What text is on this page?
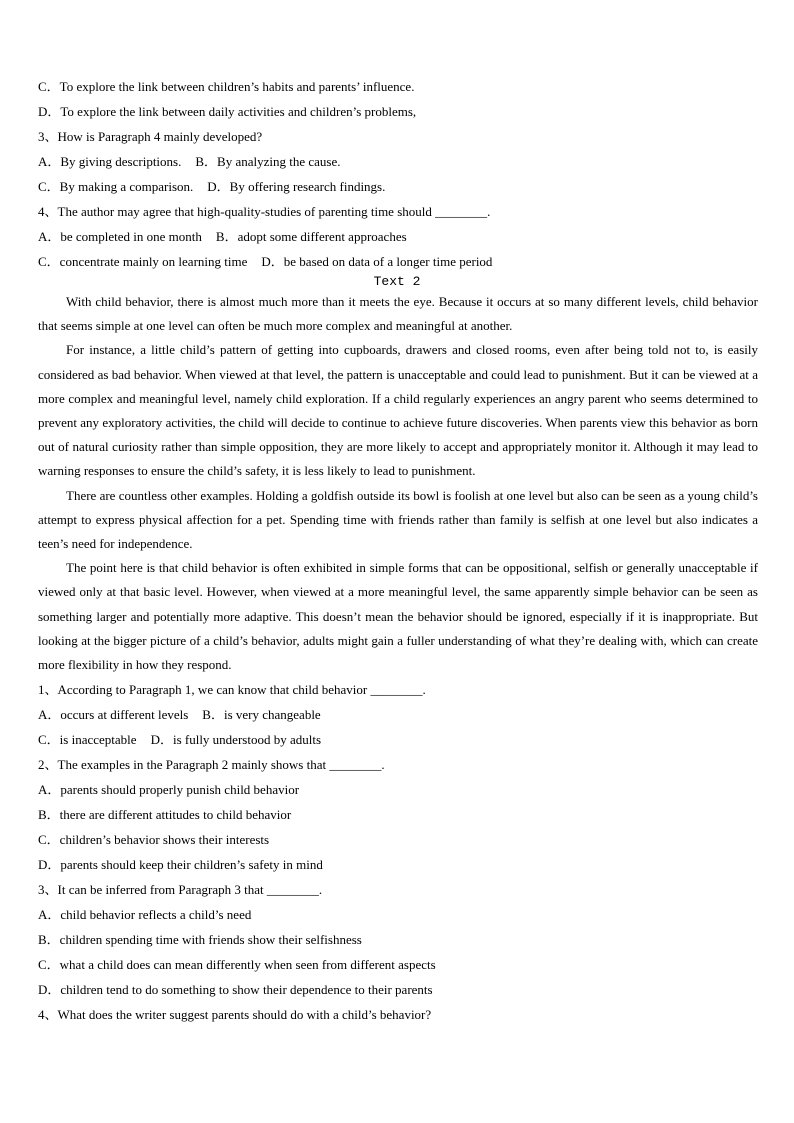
C．To explore the link between children’s habits and parents’ influence.
D．To explore the link between daily activities and children’s problems,
3、How is Paragraph 4 mainly developed?
A．By giving descriptions. B．By analyzing the cause.
C．By making a comparison. D．By offering research findings.
4、The author may agree that high-quality-studies of parenting time should ________.
A．be completed in one month B．adopt some different approaches
C．concentrate mainly on learning time D．be based on data of a longer time period
Text 2

With child behavior, there is almost much more than it meets the eye. Because it occurs at so many different levels, child behavior that seems simple at one level can often be much more complex and meaningful at another.

For instance, a little child’s pattern of getting into cupboards, drawers and closed rooms, even after being told not to, is easily considered as bad behavior. When viewed at that level, the pattern is unacceptable and could lead to punishment. But it can be viewed at a more complex and meaningful level, namely child exploration. If a child regularly experiences an angry parent who seems determined to prevent any exploratory activities, the child will decide to continue to achieve future discoveries. When parents view this behavior as born out of natural curiosity rather than simple opposition, they are more likely to accept and appropriately monitor it. Although it may lead to warning responses to ensure the child’s safety, it is less likely to lead to punishment.

There are countless other examples. Holding a goldfish outside its bowl is foolish at one level but also can be seen as a young child’s attempt to express physical affection for a pet. Spending time with friends rather than family is selfish at one level but also indicates a teen’s need for independence.

The point here is that child behavior is often exhibited in simple forms that can be oppositional, selfish or generally unacceptable if viewed only at that basic level. However, when viewed at a more meaningful level, the same apparently simple behavior can be seen as something larger and potentially more adaptive. This doesn’t mean the behavior should be ignored, especially if it is inappropriate. But looking at the bigger picture of a child’s behavior, adults might gain a fuller understanding of what they’re dealing with, which can create more flexibility in how they respond.

1、According to Paragraph 1, we can know that child behavior ________.
A．occurs at different levels B．is very changeable
C．is inacceptable D．is fully understood by adults
2、The examples in the Paragraph 2 mainly shows that ________.
A．parents should properly punish child behavior
B．there are different attitudes to child behavior
C．children’s behavior shows their interests
D．parents should keep their children’s safety in mind
3、It can be inferred from Paragraph 3 that ________.
A．child behavior reflects a child’s need
B．children spending time with friends show their selfishness
C．what a child does can mean differently when seen from different aspects
D．children tend to do something to show their dependence to their parents
4、What does the writer suggest parents should do with a child’s behavior?
